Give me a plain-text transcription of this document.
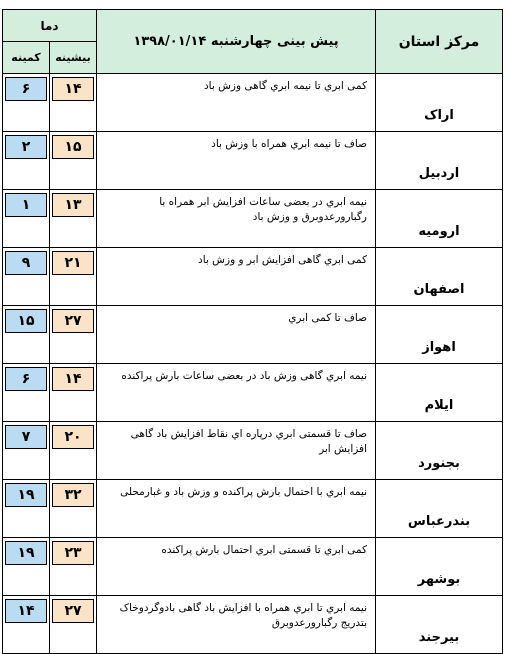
مرکز استان	پیش بینی چهارشنبه ۱۳۹۸/۰۱/۱۴	دما	
		بیشینه	کمینه
اراک	کمی ابري تا نیمه ابري گاهی وزش باد	۱۴	۶

اردبیل	صاف تا نیمه ابري همراه با وزش باد	۱۵	۲

ارومیه	نیمه ابري در بعضی ساعات افزایش ابر همراه با رگبارورعدوبرق و وزش باد	۱۳	۱

اصفهان	کمی ابري گاهی افزایش ابر و وزش باد	۲۱	۹

اهواز	صاف تا کمی ابري	۲۷	۱۵

ایلام	نیمه ابري گاهی وزش باد در بعضی ساعات بارش پراکنده	۱۴	۶

بجنورد	صاف تا قسمتی ابري درپاره اي نقاط افزایش باد گاهی افزایش ابر	۲۰	۷

بندرعباس	نیمه ابري با احتمال بارش پراکنده و وزش باد و غبارمحلی	۳۲	۱۹

بوشهر	کمی ابري تا قسمتی ابري احتمال بارش پراکنده	۲۳	۱۹

بیرجند	نیمه ابري تا ابري همراه با افزایش باد گاهی بادوگردوخاک بتدریج رگبارورعدوبرق	۲۷	۱۴
